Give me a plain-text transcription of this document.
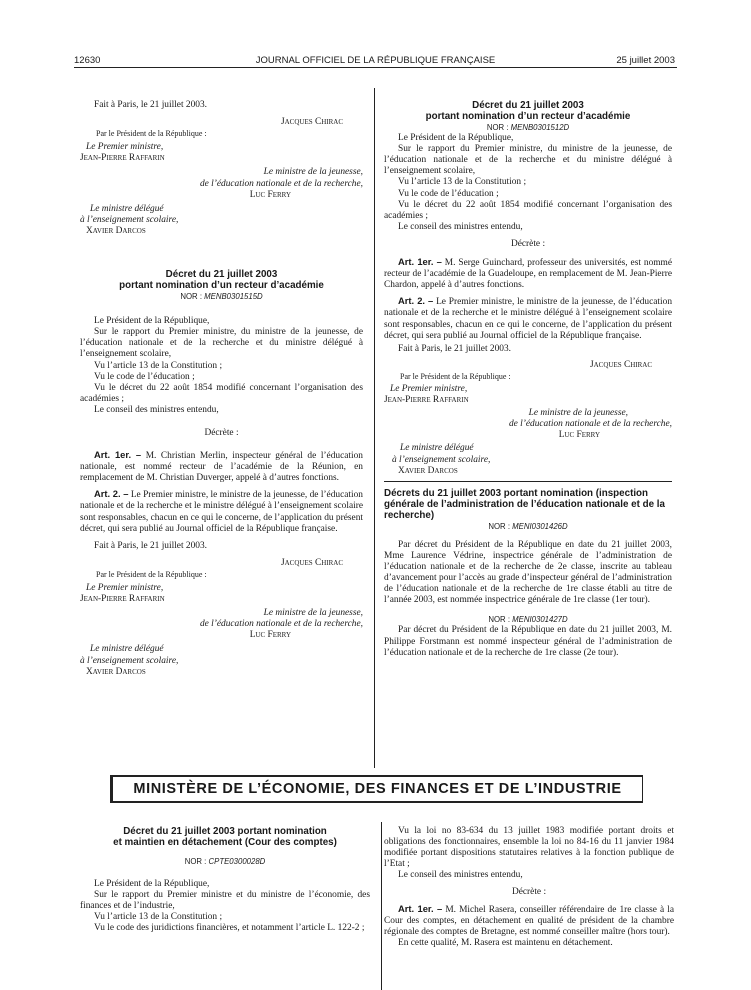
12630	JOURNAL OFFICIEL DE LA RÉPUBLIQUE FRANÇAISE	25 juillet 2003

Fait à Paris, le 21 juillet 2003.

Jacques Chirac

Par le Président de la République :

Le Premier ministre,

Jean-Pierre Raffarin

Le ministre de la jeunesse,

de l’éducation nationale et de la recherche,

Luc Ferry

Le ministre délégué

à l’enseignement scolaire,

Xavier Darcos

Décret du 21 juillet 2003

portant nomination d’un recteur d’académie

NOR : MENB0301515D

Le Président de la République,

Sur le rapport du Premier ministre, du ministre de la jeunesse, de l’éducation nationale et de la recherche et du ministre délégué à l’enseignement scolaire,

Vu l’article 13 de la Constitution ;

Vu le code de l’éducation ;

Vu le décret du 22 août 1854 modifié concernant l’organisation des académies ;

Le conseil des ministres entendu,

Décrète :

Art. 1er. – M. Christian Merlin, inspecteur général de l’éducation nationale, est nommé recteur de l’académie de la Réunion, en remplacement de M. Christian Duverger, appelé à d’autres fonctions.

Art. 2. – Le Premier ministre, le ministre de la jeunesse, de l’éducation nationale et de la recherche et le ministre délégué à l’enseignement scolaire sont responsables, chacun en ce qui le concerne, de l’application du présent décret, qui sera publié au Journal officiel de la République française.

Fait à Paris, le 21 juillet 2003.

Jacques Chirac

Par le Président de la République :

Le Premier ministre,

Jean-Pierre Raffarin

Le ministre de la jeunesse,

de l’éducation nationale et de la recherche,

Luc Ferry

Le ministre délégué

à l’enseignement scolaire,

Xavier Darcos

Décret du 21 juillet 2003

portant nomination d’un recteur d’académie

NOR : MENB0301512D

Le Président de la République,

Sur le rapport du Premier ministre, du ministre de la jeunesse, de l’éducation nationale et de la recherche et du ministre délégué à l’enseignement scolaire,

Vu l’article 13 de la Constitution ;

Vu le code de l’éducation ;

Vu le décret du 22 août 1854 modifié concernant l’organisation des académies ;

Le conseil des ministres entendu,

Décrète :

Art. 1er. – M. Serge Guinchard, professeur des universités, est nommé recteur de l’académie de la Guadeloupe, en remplacement de M. Jean-Pierre Chardon, appelé à d’autres fonctions.

Art. 2. – Le Premier ministre, le ministre de la jeunesse, de l’éducation nationale et de la recherche et le ministre délégué à l’enseignement scolaire sont responsables, chacun en ce qui le concerne, de l’application du présent décret, qui sera publié au Journal officiel de la République française.

Fait à Paris, le 21 juillet 2003.

Jacques Chirac

Par le Président de la République :

Le Premier ministre,

Jean-Pierre Raffarin

Le ministre de la jeunesse,

de l’éducation nationale et de la recherche,

Luc Ferry

Le ministre délégué

à l’enseignement scolaire,

Xavier Darcos

Décrets du 21 juillet 2003 portant nomination (inspection générale de l’administration de l’éducation nationale et de la recherche)

NOR : MENI0301426D

Par décret du Président de la République en date du 21 juillet 2003, Mme Laurence Védrine, inspectrice générale de l’administration de l’éducation nationale et de la recherche de 2e classe, inscrite au tableau d’avancement pour l’accès au grade d’inspecteur général de l’administration de l’éducation nationale et de la recherche de 1re classe établi au titre de l’année 2003, est nommée inspectrice générale de 1re classe (1er tour).

NOR : MENI0301427D

Par décret du Président de la République en date du 21 juillet 2003, M. Philippe Forstmann est nommé inspecteur général de l’administration de l’éducation nationale et de la recherche de 1re classe (2e tour).

MINISTÈRE DE L’ÉCONOMIE, DES FINANCES ET DE L’INDUSTRIE

Décret du 21 juillet 2003 portant nomination

et maintien en détachement (Cour des comptes)

NOR : CPTE0300028D

Le Président de la République,

Sur le rapport du Premier ministre et du ministre de l’économie, des finances et de l’industrie,

Vu l’article 13 de la Constitution ;

Vu le code des juridictions financières, et notamment l’article L. 122-2 ;

Vu la loi no 83-634 du 13 juillet 1983 modifiée portant droits et obligations des fonctionnaires, ensemble la loi no 84-16 du 11 janvier 1984 modifiée portant dispositions statutaires relatives à la fonction publique de l’Etat ;

Le conseil des ministres entendu,

Décrète :

Art. 1er. – M. Michel Rasera, conseiller référendaire de 1re classe à la Cour des comptes, en détachement en qualité de président de la chambre régionale des comptes de Bretagne, est nommé conseiller maître (hors tour).

En cette qualité, M. Rasera est maintenu en détachement.
